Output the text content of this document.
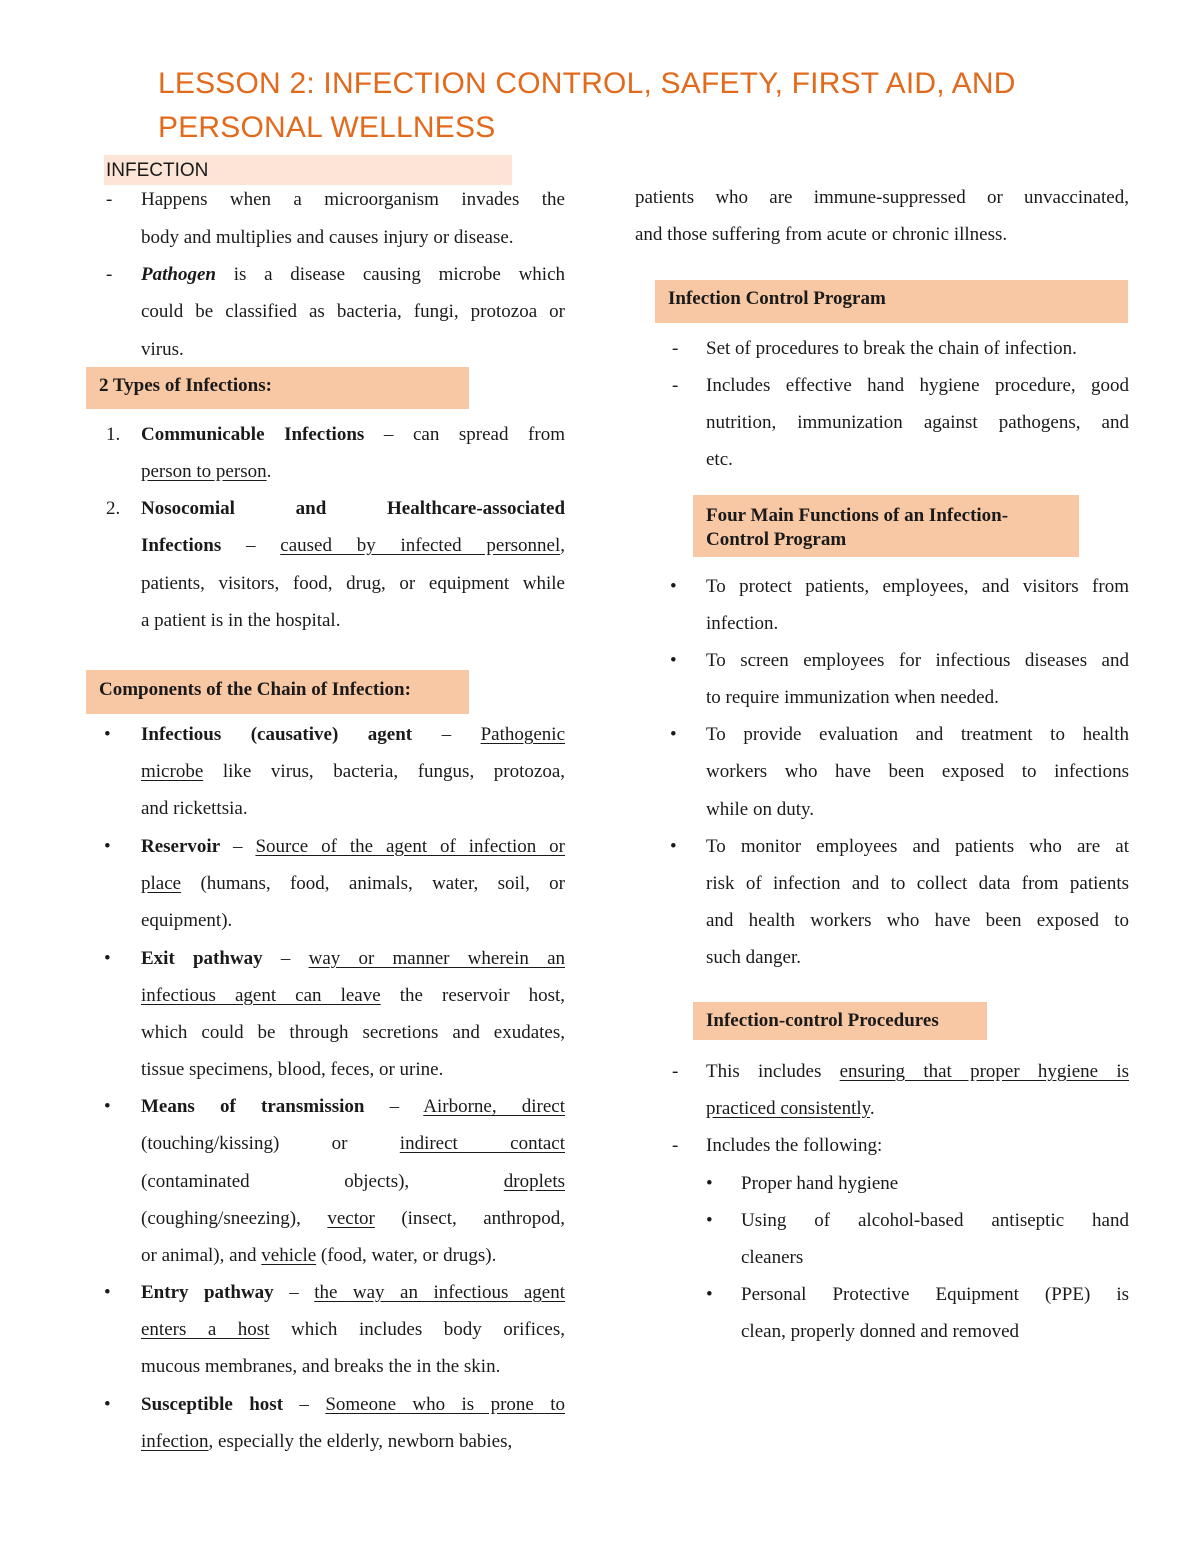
LESSON 2: INFECTION CONTROL, SAFETY, FIRST AID, AND
PERSONAL WELLNESS
INFECTION
- Happens when a microorganism invades the
body and multiplies and causes injury or disease.
- Pathogen is a disease causing microbe which
could be classified as bacteria, fungi, protozoa or
virus.
2 Types of Infections:
1. Communicable Infections – can spread from
person to person.
2. Nosocomial	and	Healthcare-associated
Infections – caused by infected personnel,
patients, visitors, food, drug, or equipment while
a patient is in the hospital.
Components of the Chain of Infection:
• Infectious (causative) agent – Pathogenic
microbe like virus, bacteria, fungus, protozoa,
and rickettsia.
• Reservoir – Source of the agent of infection or
place (humans, food, animals, water, soil, or
equipment).
• Exit pathway – way or manner wherein an
infectious agent can leave the reservoir host,
which could be through secretions and exudates,
tissue specimens, blood, feces, or urine.
• Means of transmission – Airborne, direct
(touching/kissing)	or	indirect contact
(contaminated	objects),	droplets
(coughing/sneezing), vector (insect, anthropod,
or animal), and vehicle (food, water, or drugs).
• Entry pathway – the way an infectious agent
enters a host which includes body orifices,
mucous membranes, and breaks the in the skin.
• Susceptible host – Someone who is prone to
infection, especially the elderly, newborn babies,
patients who are immune-suppressed or unvaccinated,
and those suffering from acute or chronic illness.
Infection Control Program
- Set of procedures to break the chain of infection.
- Includes effective hand hygiene procedure, good
nutrition, immunization against pathogens, and
etc.
Four Main Functions of an Infection-
Control Program
• To protect patients, employees, and visitors from
infection.
• To screen employees for infectious diseases and
to require immunization when needed.
• To provide evaluation and treatment to health
workers who have been exposed to infections
while on duty.
• To monitor employees and patients who are at
risk of infection and to collect data from patients
and health workers who have been exposed to
such danger.
Infection-control Procedures
- This includes ensuring that proper hygiene is
practiced consistently.
- Includes the following:
• Proper hand hygiene
• Using of alcohol-based antiseptic hand
cleaners
• Personal Protective Equipment (PPE) is
clean, properly donned and removed
